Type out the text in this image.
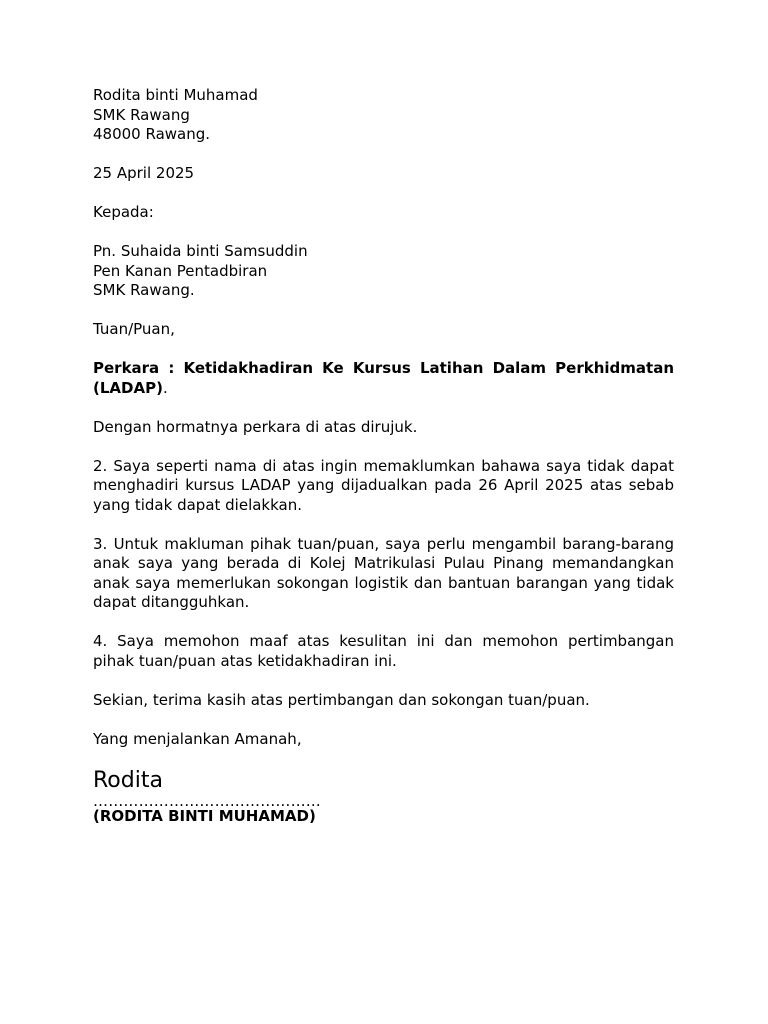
Rodita binti Muhamad
SMK Rawang
48000 Rawang.
25 April 2025
Kepada:
Pn. Suhaida binti Samsuddin
Pen Kanan Pentadbiran
SMK Rawang.
Tuan/Puan,

Perkara : Ketidakhadiran Ke Kursus Latihan Dalam Perkhidmatan (LADAP).

Dengan hormatnya perkara di atas dirujuk.

2. Saya seperti nama di atas ingin memaklumkan bahawa saya tidak dapat menghadiri kursus LADAP yang dijadualkan pada 26 April 2025 atas sebab yang tidak dapat dielakkan.

3. Untuk makluman pihak tuan/puan, saya perlu mengambil barang-barang anak saya yang berada di Kolej Matrikulasi Pulau Pinang memandangkan anak saya memerlukan sokongan logistik dan bantuan barangan yang tidak dapat ditangguhkan.

4. Saya memohon maaf atas kesulitan ini dan memohon pertimbangan pihak tuan/puan atas ketidakhadiran ini.

Sekian, terima kasih atas pertimbangan dan sokongan tuan/puan.

Yang menjalankan Amanah,
Rodita
………………………………………
(RODITA BINTI MUHAMAD)
